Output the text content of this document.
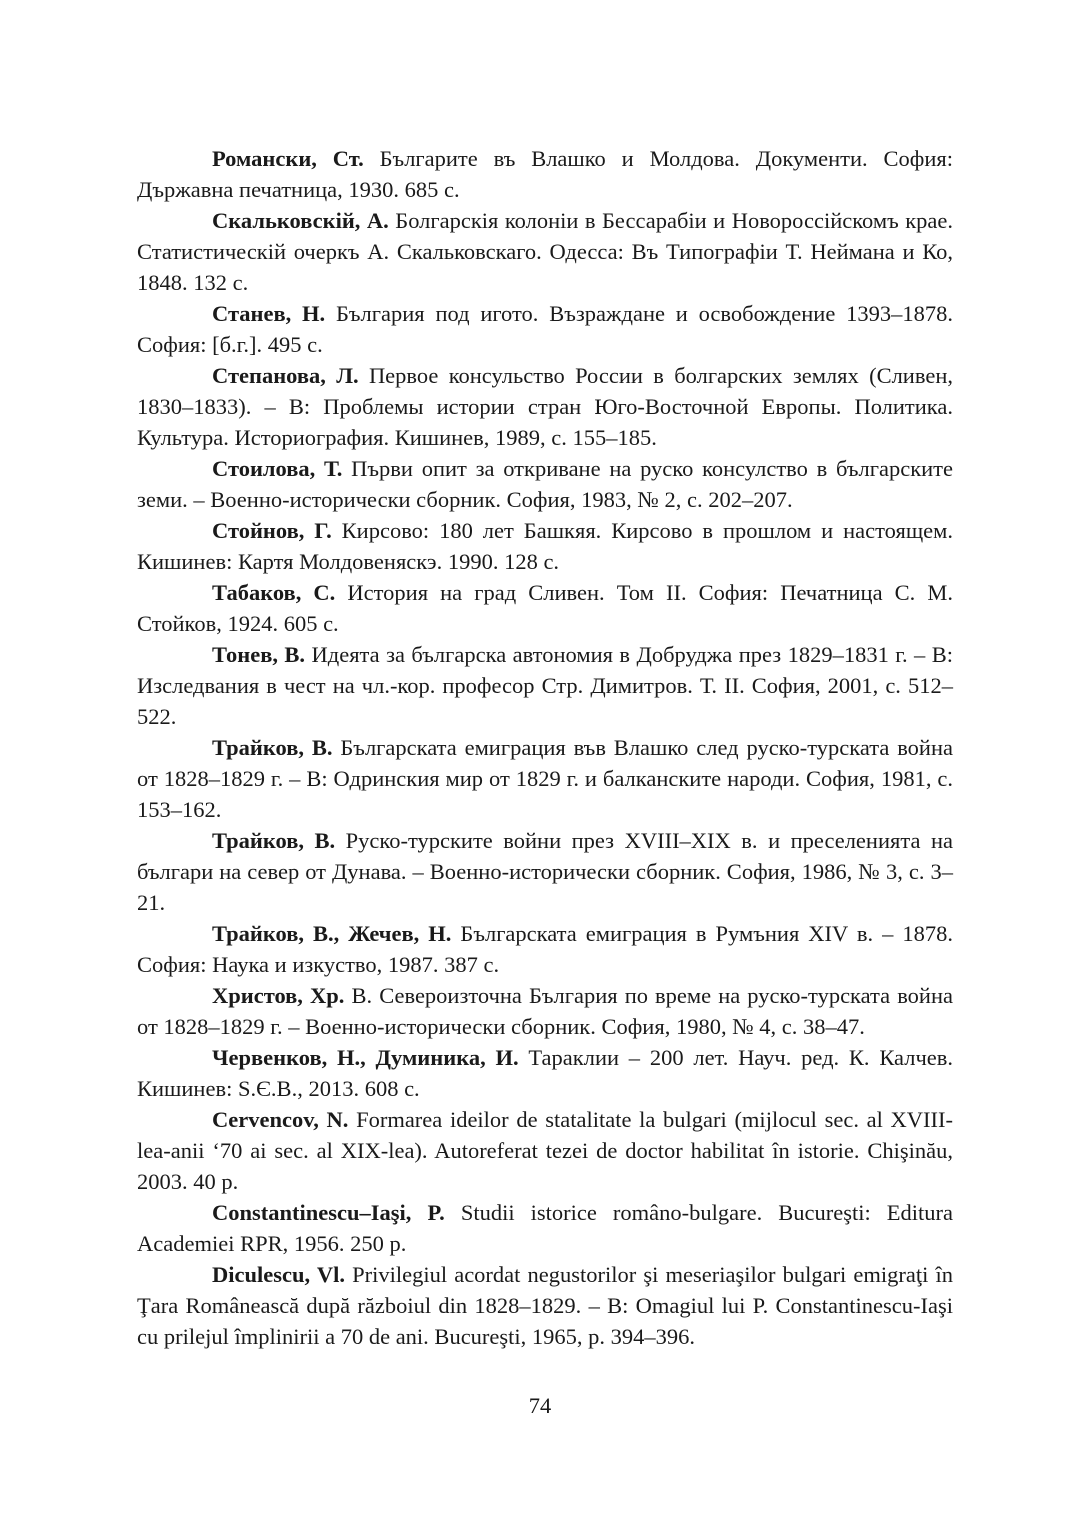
Романски, Ст. Българите въ Влашко и Молдова. Документи. София: Държавна печатница, 1930. 685 с.

Скальковскій, А. Болгарскія колоніи в Бессарабіи и Новороссійскомъ крае. Статистическій очеркъ А. Скальковскаго. Одесса: Въ Типографіи Т. Неймана и Ко, 1848. 132 с.

Станев, Н. България под игото. Възраждане и освобождение 1393–1878. София: [б.г.]. 495 с.

Степанова, Л. Первое консульство России в болгарских землях (Сливен, 1830–1833). – В: Проблемы истории стран Юго-Восточной Европы. Политика. Культура. Историография. Кишинев, 1989, с. 155–185.

Стоилова, Т. Първи опит за откриване на руско консулство в българските земи. – Военно-исторически сборник. София, 1983, № 2, с. 202–207.

Стойнов, Г. Кирсово: 180 лет Башкяя. Кирсово в прошлом и настоящем. Кишинев: Картя Молдовеняскэ. 1990. 128 с.

Табаков, С. История на град Сливен. Том II. София: Печатница С. М. Стойков, 1924. 605 с.

Тонев, В. Идеята за българска автономия в Добруджа през 1829–1831 г. – В: Изследвания в чест на чл.-кор. професор Стр. Димитров. Т. II. София, 2001, с. 512–522.

Трайков, В. Българската емиграция във Влашко след руско-турската война от 1828–1829 г. – В: Одринския мир от 1829 г. и балканските народи. София, 1981, с. 153–162.

Трайков, В. Руско-турските войни през XVIII–XIX в. и преселенията на българи на север от Дунава. – Военно-исторически сборник. София, 1986, № 3, с. 3–21.

Трайков, В., Жечев, Н. Българската емиграция в Румъния XIV в. – 1878. София: Наука и изкуство, 1987. 387 с.

Христов, Хр. В. Североизточна България по време на руско-турската война от 1828–1829 г. – Военно-исторически сборник. София, 1980, № 4, с. 38–47.

Червенков, Н., Думиника, И. Тараклии – 200 лет. Науч. ред. К. Калчев. Кишинев: S.Є.B., 2013. 608 с.

Cervencov, N. Formarea ideilor de statalitate la bulgari (mijlocul sec. al XVIII-lea-anii ‘70 ai sec. al XIX-lea). Autoreferat tezei de doctor habilitat în istorie. Chişinău, 2003. 40 p.

Constantinescu–Iaşi, P. Studii istorice româno-bulgare. Bucureşti: Editura Academiei RPR, 1956. 250 p.

Diculescu, Vl. Privilegiul acordat negustorilor şi meseriaşilor bulgari emigraţi în Ţara Românească după războiul din 1828–1829. – В: Omagiul lui P. Constantinescu-Iaşi cu prilejul împlinirii a 70 de ani. Bucureşti, 1965, p. 394–396.

74
